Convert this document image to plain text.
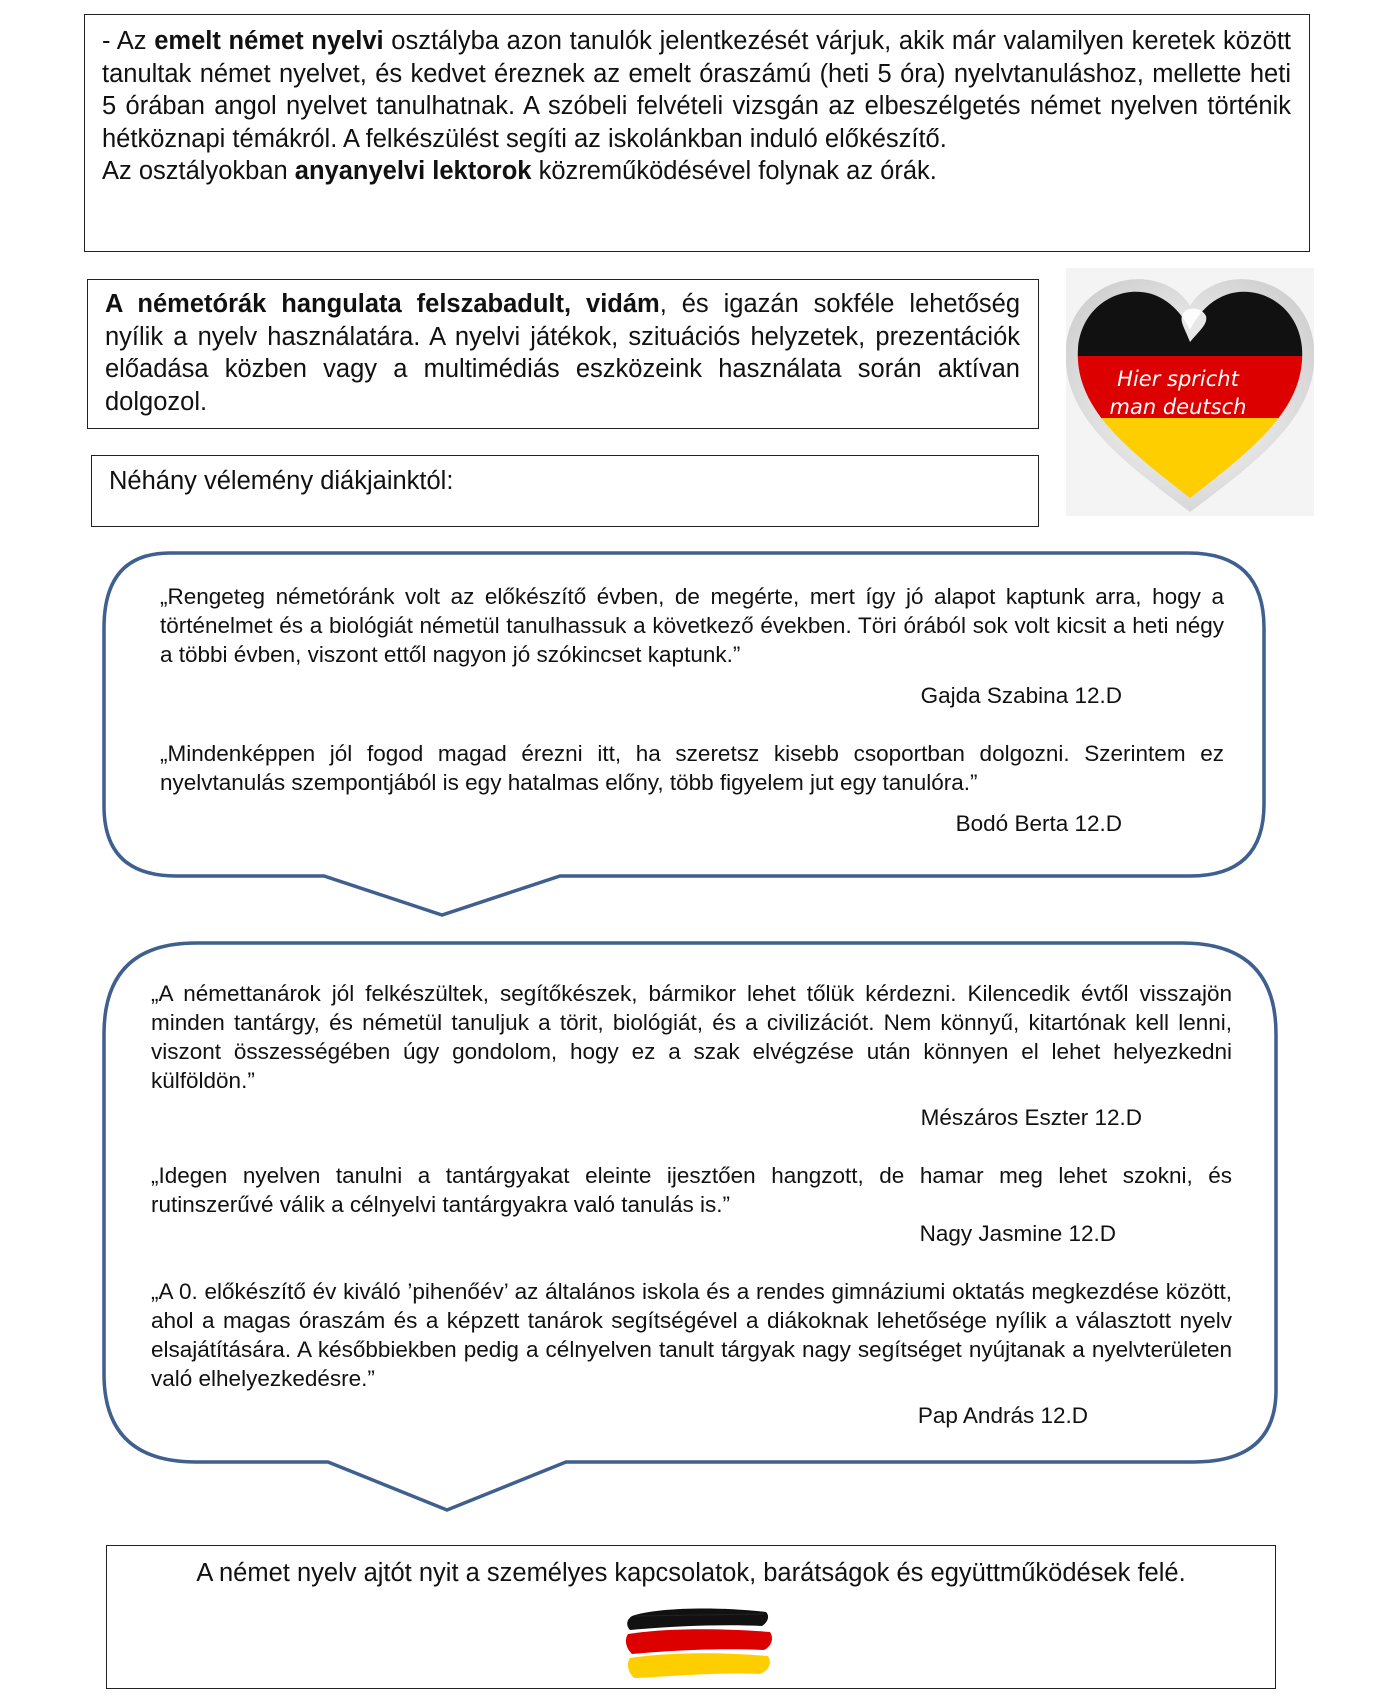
- Az emelt német nyelvi osztályba azon tanulók jelentkezését várjuk, akik már valamilyen keretek között tanultak német nyelvet, és kedvet éreznek az emelt óraszámú (heti 5 óra) nyelvtanuláshoz, mellette heti 5 órában angol nyelvet tanulhatnak. A szóbeli felvételi vizsgán az elbeszélgetés német nyelven történik hétköznapi témákról. A felkészülést segíti az iskolánkban induló előkészítő.

Az osztályokban anyanyelvi lektorok közreműködésével folynak az órák.

A németórák hangulata felszabadult, vidám, és igazán sokféle lehetőség nyílik a nyelv használatára. A nyelvi játékok, szituációs helyzetek, prezentációk előadása közben vagy a multimédiás eszközeink használata során aktívan dolgozol.
Hier spricht
man deutsch
Néhány vélemény diákjainktól:

„Rengeteg németóránk volt az előkészítő évben, de megérte, mert így jó alapot kaptunk arra, hogy a történelmet és a biológiát németül tanulhassuk a következő években. Töri órából sok volt kicsit a heti négy a többi évben, viszont ettől nagyon jó szókincset kaptunk.”

Gajda Szabina 12.D

„Mindenképpen jól fogod magad érezni itt, ha szeretsz kisebb csoportban dolgozni. Szerintem ez nyelvtanulás szempontjából is egy hatalmas előny, több figyelem jut egy tanulóra.”

Bodó Berta 12.D

„A némettanárok jól felkészültek, segítőkészek, bármikor lehet tőlük kérdezni. Kilencedik évtől visszajön minden tantárgy, és németül tanuljuk a törit, biológiát, és a civilizációt. Nem könnyű, kitartónak kell lenni, viszont összességében úgy gondolom, hogy ez a szak elvégzése után könnyen el lehet helyezkedni külföldön.”

Mészáros Eszter 12.D

„Idegen nyelven tanulni a tantárgyakat eleinte ijesztően hangzott, de hamar meg lehet szokni, és rutinszerűvé válik a célnyelvi tantárgyakra való tanulás is.”

Nagy Jasmine 12.D

„A 0. előkészítő év kiváló ’pihenőév’ az általános iskola és a rendes gimnáziumi oktatás megkezdése között, ahol a magas óraszám és a képzett tanárok segítségével a diákoknak lehetősége nyílik a választott nyelv elsajátítására. A későbbiekben pedig a célnyelven tanult tárgyak nagy segítséget nyújtanak a nyelvterületen való elhelyezkedésre.”

Pap András 12.D

A német nyelv ajtót nyit a személyes kapcsolatok, barátságok és együttműködések felé.
